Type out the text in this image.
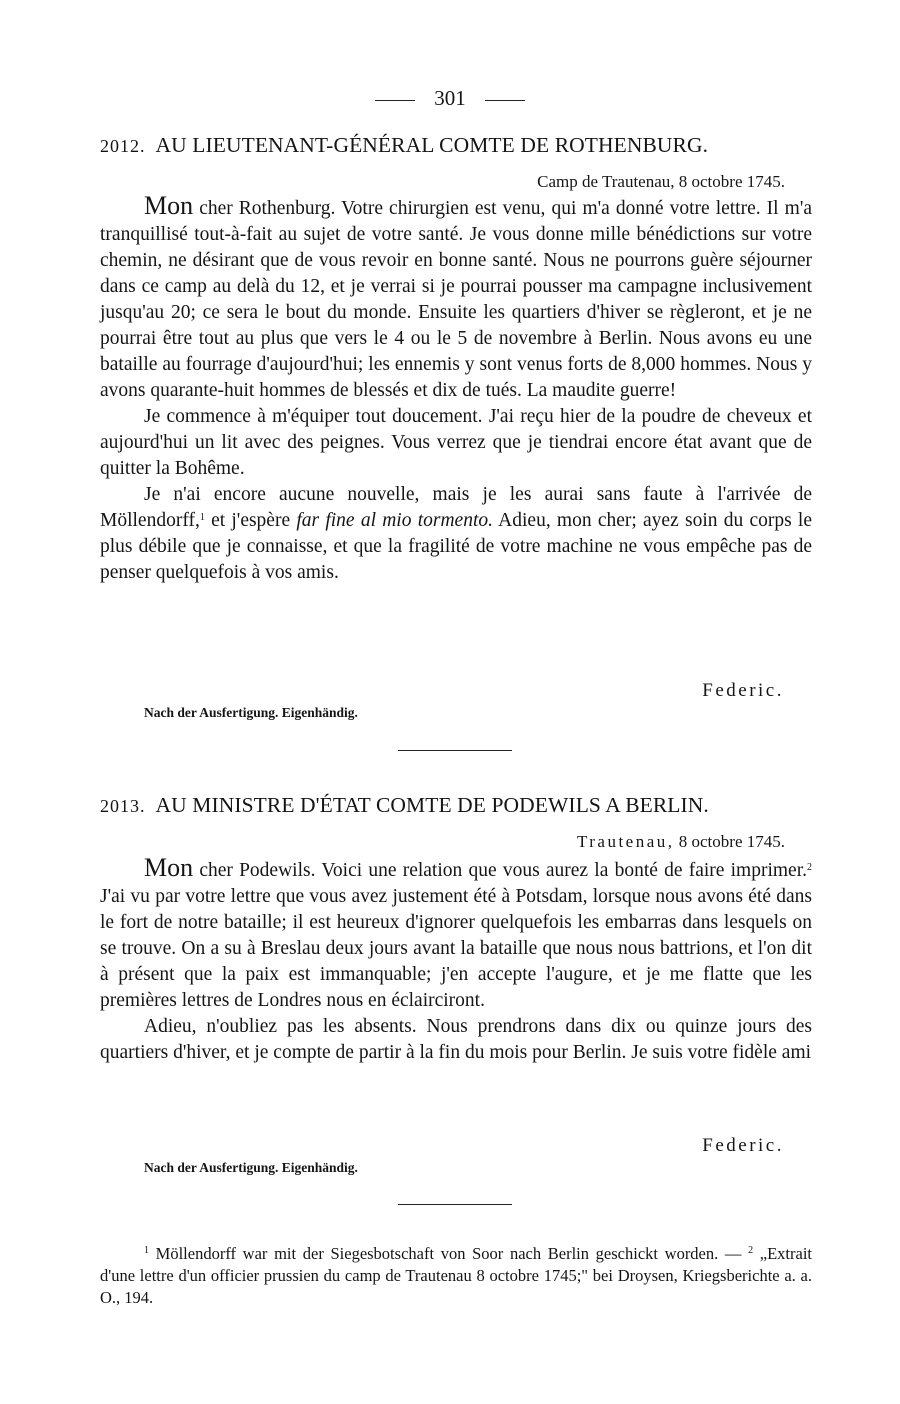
301
2012. AU LIEUTENANT-GÉNÉRAL COMTE DE ROTHENBURG.
Camp de Trautenau, 8 octobre 1745.

Mon cher Rothenburg. Votre chirurgien est venu, qui m'a donné votre lettre. Il m'a tranquillisé tout-à-fait au sujet de votre santé. Je vous donne mille bénédictions sur votre chemin, ne désirant que de vous revoir en bonne santé. Nous ne pourrons guère séjourner dans ce camp au delà du 12, et je verrai si je pourrai pousser ma campagne inclusivement jusqu'au 20; ce sera le bout du monde. Ensuite les quartiers d'hiver se règleront, et je ne pourrai être tout au plus que vers le 4 ou le 5 de novembre à Berlin. Nous avons eu une bataille au fourrage d'aujourd'hui; les ennemis y sont venus forts de 8,000 hommes. Nous y avons quarante-huit hommes de blessés et dix de tués. La maudite guerre!

Je commence à m'équiper tout doucement. J'ai reçu hier de la poudre de cheveux et aujourd'hui un lit avec des peignes. Vous verrez que je tiendrai encore état avant que de quitter la Bohême.

Je n'ai encore aucune nouvelle, mais je les aurai sans faute à l'arrivée de Möllendorff,$^1$ et j'espère far fine al mio tormento. Adieu, mon cher; ayez soin du corps le plus débile que je connaisse, et que la fragilité de votre machine ne vous empêche pas de penser quelquefois à vos amis.

Federic.
Nach der Ausfertigung. Eigenhändig.
2013. AU MINISTRE D'ÉTAT COMTE DE PODEWILS A BERLIN.
Trautenau, 8 octobre 1745.

Mon cher Podewils. Voici une relation que vous aurez la bonté de faire imprimer.$^2$ J'ai vu par votre lettre que vous avez justement été à Potsdam, lorsque nous avons été dans le fort de notre bataille; il est heureux d'ignorer quelquefois les embarras dans lesquels on se trouve. On a su à Breslau deux jours avant la bataille que nous nous battrions, et l'on dit à présent que la paix est immanquable; j'en accepte l'augure, et je me flatte que les premières lettres de Londres nous en éclairciront.

Adieu, n'oubliez pas les absents. Nous prendrons dans dix ou quinze jours des quartiers d'hiver, et je compte de partir à la fin du mois pour Berlin. Je suis votre fidèle ami

Federic.
Nach der Ausfertigung. Eigenhändig.

$^1$ Möllendorff war mit der Siegesbotschaft von Soor nach Berlin geschickt worden. — $^2$ „Extrait d'une lettre d'un officier prussien du camp de Trautenau 8 octobre 1745;" bei Droysen, Kriegsberichte a. a. O., 194.
